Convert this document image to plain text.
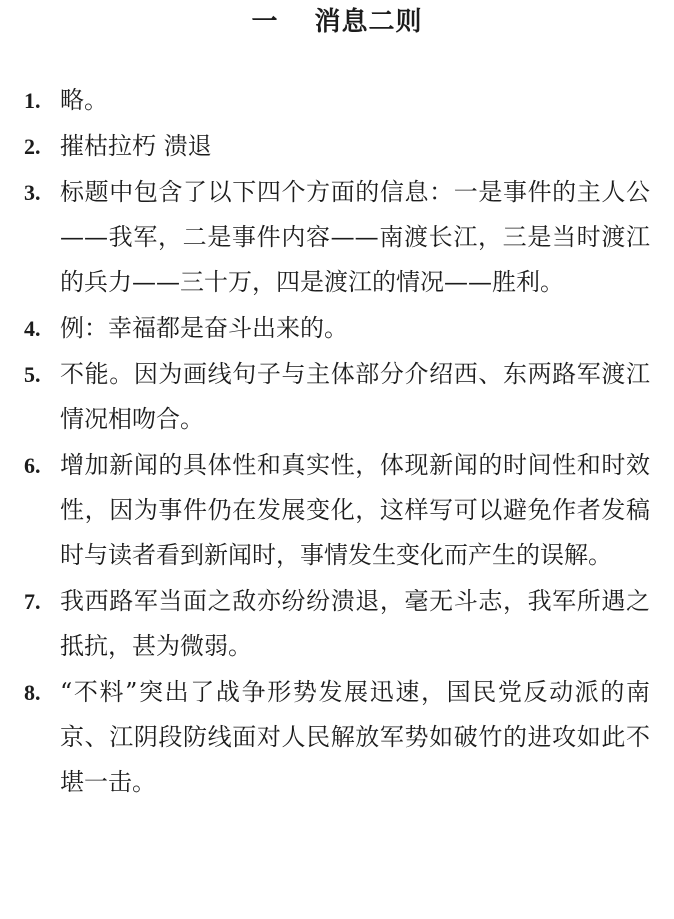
一 消息二则
1. 略。
2. 摧枯拉朽 溃退
3. 标题中包含了以下四个方面的信息：一是事件的主人公——我军，二是事件内容——南渡长江，三是当时渡江的兵力——三十万，四是渡江的情况——胜利。
4. 例：幸福都是奋斗出来的。
5. 不能。因为画线句子与主体部分介绍西、东两路军渡江情况相吻合。
6. 增加新闻的具体性和真实性，体现新闻的时间性和时效性，因为事件仍在发展变化，这样写可以避免作者发稿时与读者看到新闻时，事情发生变化而产生的误解。
7. 我西路军当面之敌亦纷纷溃退，毫无斗志，我军所遇之抵抗，甚为微弱。
8. “不料”突出了战争形势发展迅速，国民党反动派的南京、江阴段防线面对人民解放军势如破竹的进攻如此不堪一击。
